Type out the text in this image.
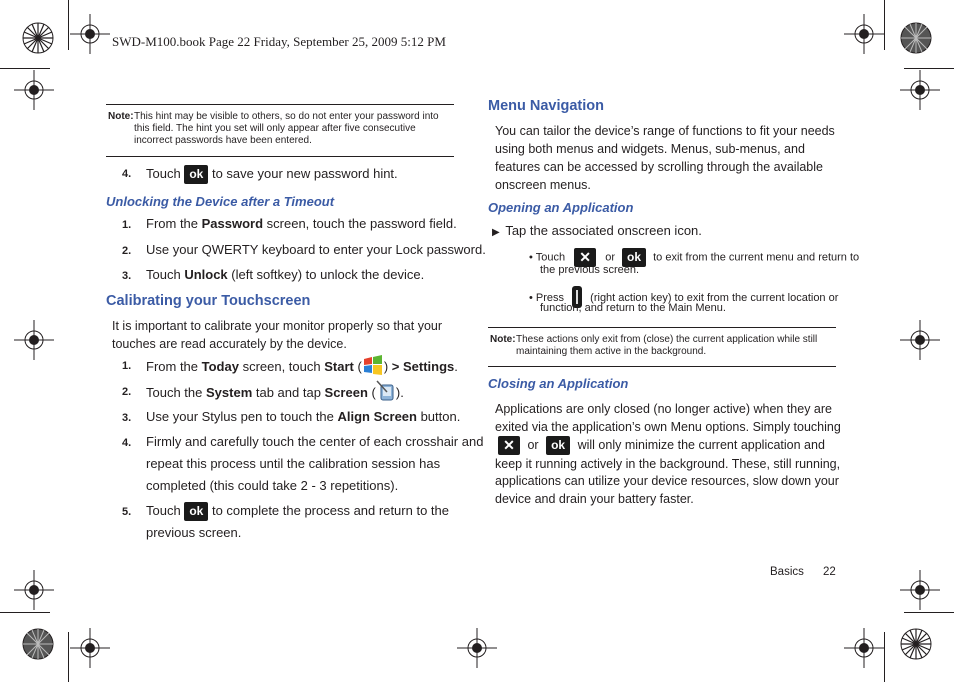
SWD-M100.book Page 22 Friday, September 25, 2009 5:12 PM
Note: This hint may be visible to others, so do not enter your password into this field. The hint you set will only appear after five consecutive incorrect passwords have been entered.
4. Touch ok to save your new password hint.
Unlocking the Device after a Timeout
1. From the Password screen, touch the password field.
2. Use your QWERTY keyboard to enter your Lock password.
3. Touch Unlock (left softkey) to unlock the device.
Calibrating your Touchscreen
It is important to calibrate your monitor properly so that your touches are read accurately by the device.
1. From the Today screen, touch Start ( ) > Settings.
2. Touch the System tab and tap Screen ( ).
3. Use your Stylus pen to touch the Align Screen button.
4. Firmly and carefully touch the center of each crosshair and
repeat this process until the calibration session has
completed (this could take 2 - 3 repetitions).
5. Touch ok to complete the process and return to the
previous screen.
Menu Navigation
You can tailor the device’s range of functions to fit your needs using both menus and widgets. Menus, sub-menus, and features can be accessed by scrolling through the available onscreen menus.
Opening an Application
▶ Tap the associated onscreen icon.
• Touch ✕ or ok to exit from the current menu and return to
the previous screen.
• Press (right action key) to exit from the current location or
function, and return to the Main Menu.
Note: These actions only exit from (close) the current application while still maintaining them active in the background.
Closing an Application
Applications are only closed (no longer active) when they are
exited via the application’s own Menu options. Simply touching
✕ or ok will only minimize the current application and
keep it running actively in the background. These, still running,
applications can utilize your device resources, slow down your
device and drain your battery faster.
Basics 22
